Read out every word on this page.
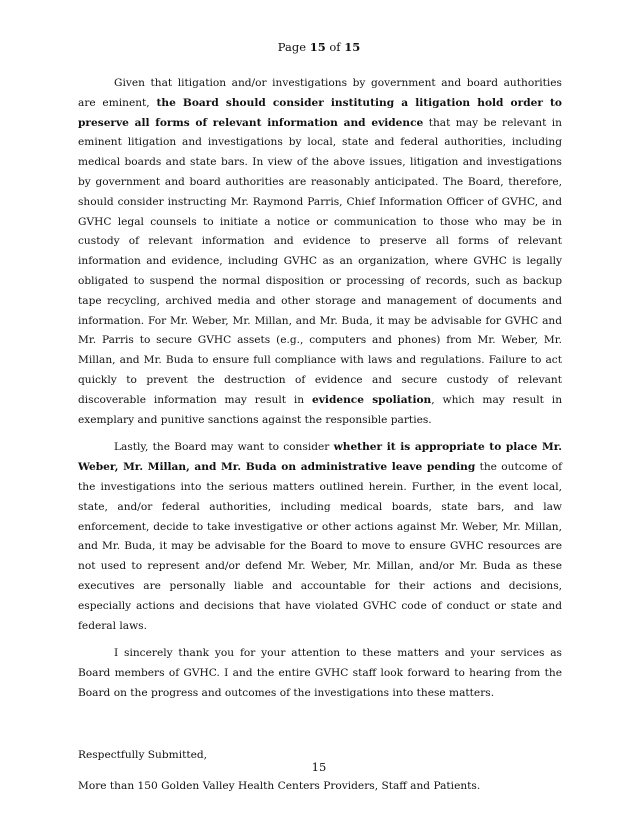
Page 15 of 15

Given that litigation and/or investigations by government and board authorities are eminent, the Board should consider instituting a litigation hold order to preserve all forms of relevant information and evidence that may be relevant in eminent litigation and investigations by local, state and federal authorities, including medical boards and state bars. In view of the above issues, litigation and investigations by government and board authorities are reasonably anticipated. The Board, therefore, should consider instructing Mr. Raymond Parris, Chief Information Officer of GVHC, and GVHC legal counsels to initiate a notice or communication to those who may be in custody of relevant information and evidence to preserve all forms of relevant information and evidence, including GVHC as an organization, where GVHC is legally obligated to suspend the normal disposition or processing of records, such as backup tape recycling, archived media and other storage and management of documents and information. For Mr. Weber, Mr. Millan, and Mr. Buda, it may be advisable for GVHC and Mr. Parris to secure GVHC assets (e.g., computers and phones) from Mr. Weber, Mr. Millan, and Mr. Buda to ensure full compliance with laws and regulations. Failure to act quickly to prevent the destruction of evidence and secure custody of relevant discoverable information may result in evidence spoliation, which may result in exemplary and punitive sanctions against the responsible parties.

Lastly, the Board may want to consider whether it is appropriate to place Mr. Weber, Mr. Millan, and Mr. Buda on administrative leave pending the outcome of the investigations into the serious matters outlined herein. Further, in the event local, state, and/or federal authorities, including medical boards, state bars, and law enforcement, decide to take investigative or other actions against Mr. Weber, Mr. Millan, and Mr. Buda, it may be advisable for the Board to move to ensure GVHC resources are not used to represent and/or defend Mr. Weber, Mr. Millan, and/or Mr. Buda as these executives are personally liable and accountable for their actions and decisions, especially actions and decisions that have violated GVHC code of conduct or state and federal laws.

I sincerely thank you for your attention to these matters and your services as Board members of GVHC. I and the entire GVHC staff look forward to hearing from the Board on the progress and outcomes of the investigations into these matters.

Respectfully Submitted,

More than 150 Golden Valley Health Centers Providers, Staff and Patients.

15
